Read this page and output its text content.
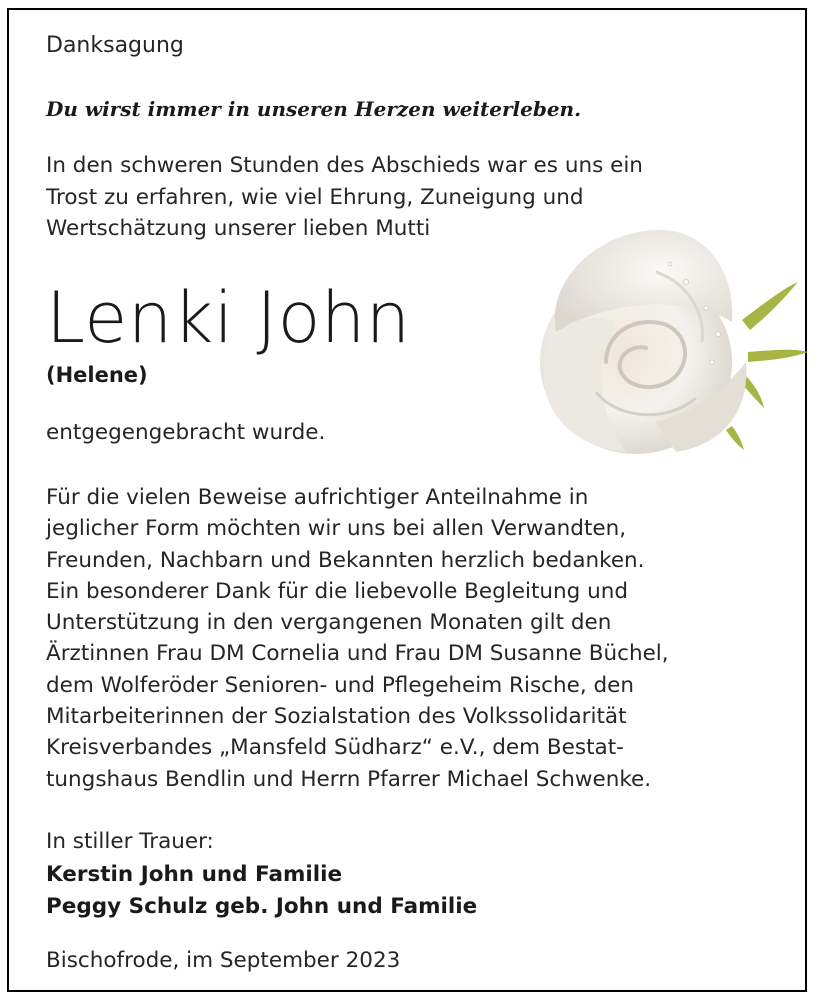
Danksagung

Du wirst immer in unseren Herzen weiterleben.

In den schweren Stunden des Abschieds war es uns ein
Trost zu erfahren, wie viel Ehrung, Zuneigung und
Wertschätzung unserer lieben Mutti

Lenki John

(Helene)

entgegengebracht wurde.

Für die vielen Beweise aufrichtiger Anteilnahme in
jeglicher Form möchten wir uns bei allen Verwandten,
Freunden, Nachbarn und Bekannten herzlich bedanken.
Ein besonderer Dank für die liebevolle Begleitung und
Unterstützung in den vergangenen Monaten gilt den
Ärztinnen Frau DM Cornelia und Frau DM Susanne Büchel,
dem Wolferöder Senioren- und Pflegeheim Rische, den
Mitarbeiterinnen der Sozialstation des Volkssolidarität
Kreisverbandes „Mansfeld Südharz“ e.V., dem Bestat-
tungshaus Bendlin und Herrn Pfarrer Michael Schwenke.

In stiller Trauer:

Kerstin John und Familie
Peggy Schulz geb. John und Familie

Bischofrode, im September 2023
